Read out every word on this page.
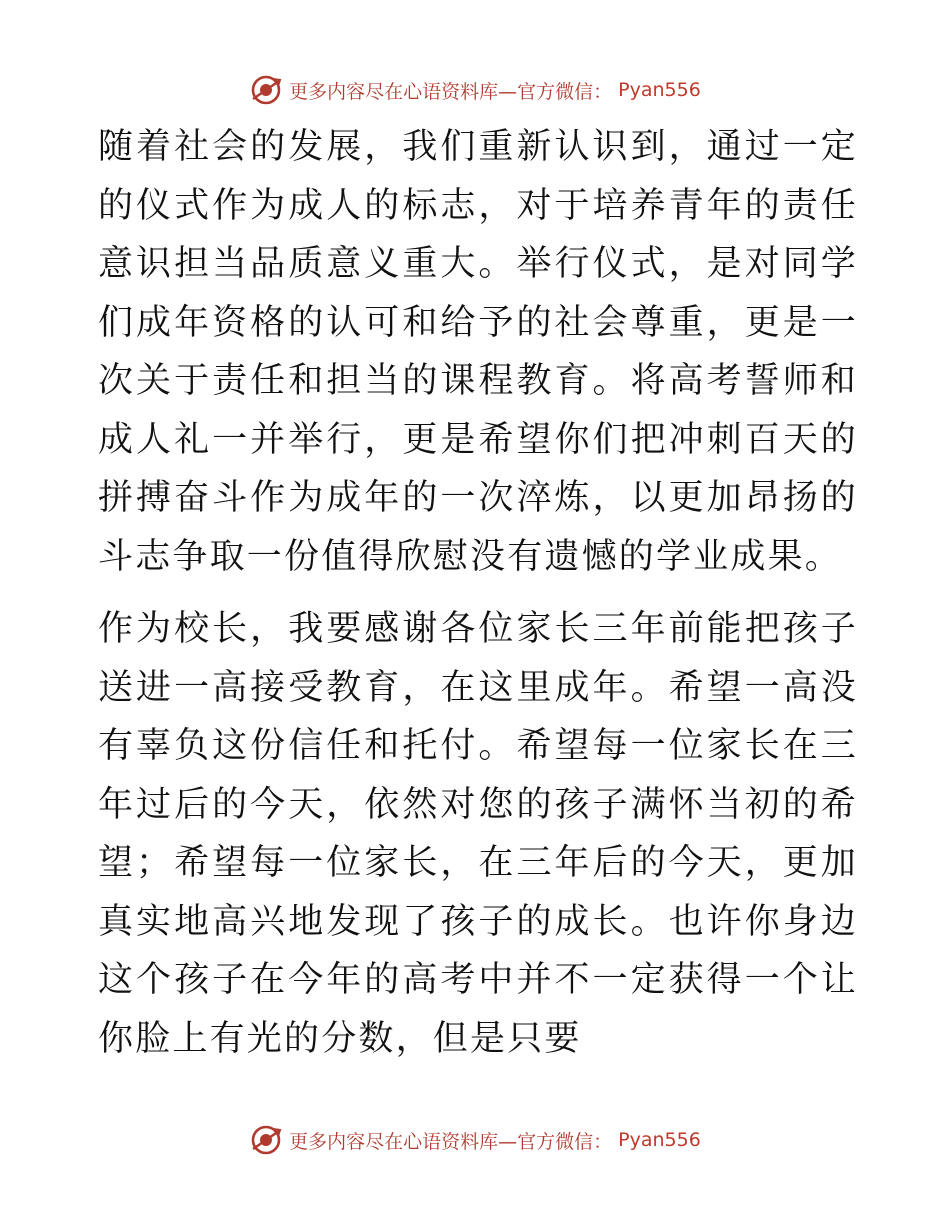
更多内容尽在心语资料库—官方微信： Pyan556

随着社会的发展，我们重新认识到，通过一定的仪式作为成人的标志，对于培养青年的责任意识担当品质意义重大。举行仪式，是对同学们成年资格的认可和给予的社会尊重，更是一次关于责任和担当的课程教育。将高考誓师和成人礼一并举行，更是希望你们把冲刺百天的拼搏奋斗作为成年的一次淬炼，以更加昂扬的斗志争取一份值得欣慰没有遗憾的学业成果。

作为校长，我要感谢各位家长三年前能把孩子送进一高接受教育，在这里成年。希望一高没有辜负这份信任和托付。希望每一位家长在三年过后的今天，依然对您的孩子满怀当初的希望；希望每一位家长，在三年后的今天，更加真实地高兴地发现了孩子的成长。也许你身边这个孩子在今年的高考中并不一定获得一个让你脸上有光的分数，但是只要

更多内容尽在心语资料库—官方微信： Pyan556
